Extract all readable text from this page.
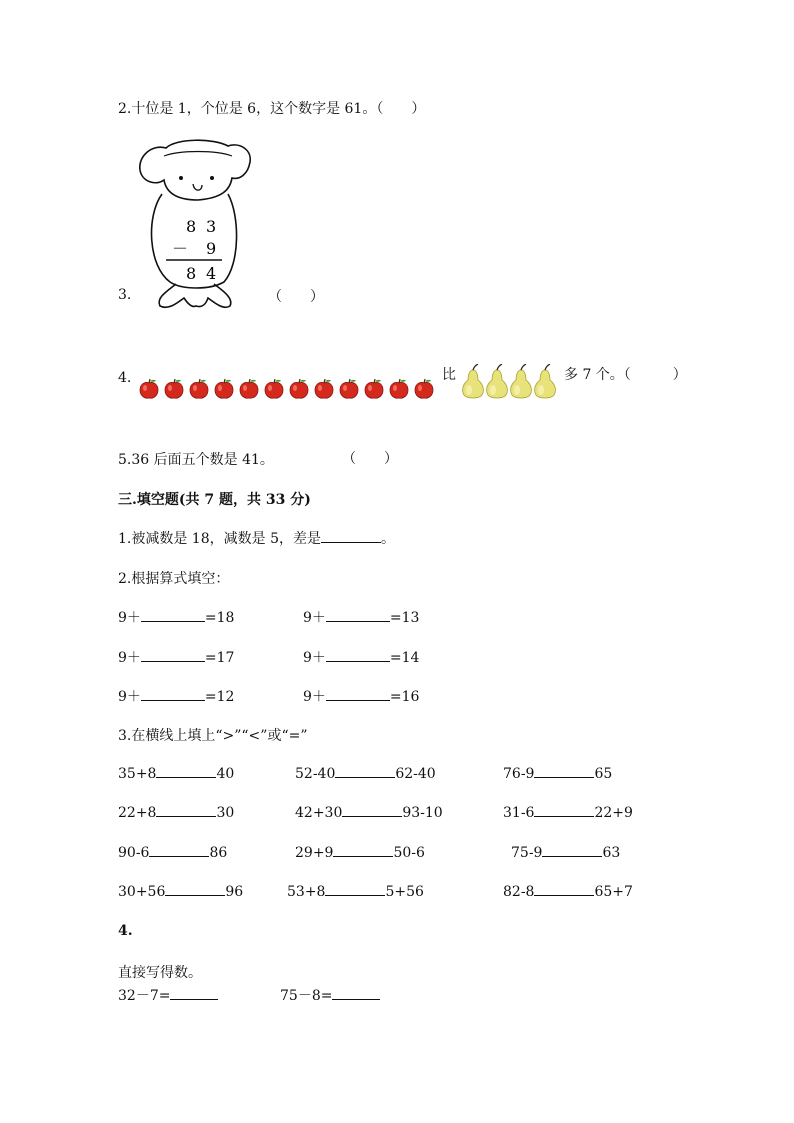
2.十位是 1，个位是 6，这个数字是 61。（　　）
8 3
－ 9
8 4
3.	（　　）
4.	比	多 7 个。（　　　）
5.36 后面五个数是 41。	（　　）
三.填空题(共 7 题，共 33 分)
1.被减数是 18，减数是 5，差是	。
2.根据算式填空：
9＋	=18	9＋	=13
9＋	=17	9＋	=14
9＋	=12	9＋	=16
3.在横线上填上“>”“<”或“=”
35+8	40	52-40	62-40	76-9	65
22+8	30	42+30	93-10	31-6	22+9
90-6	86	29+9	50-6	75-9	63
30+56	96	53+8	5+56	82-8	65+7
4.
直接写得数。
32－7=	75－8=
